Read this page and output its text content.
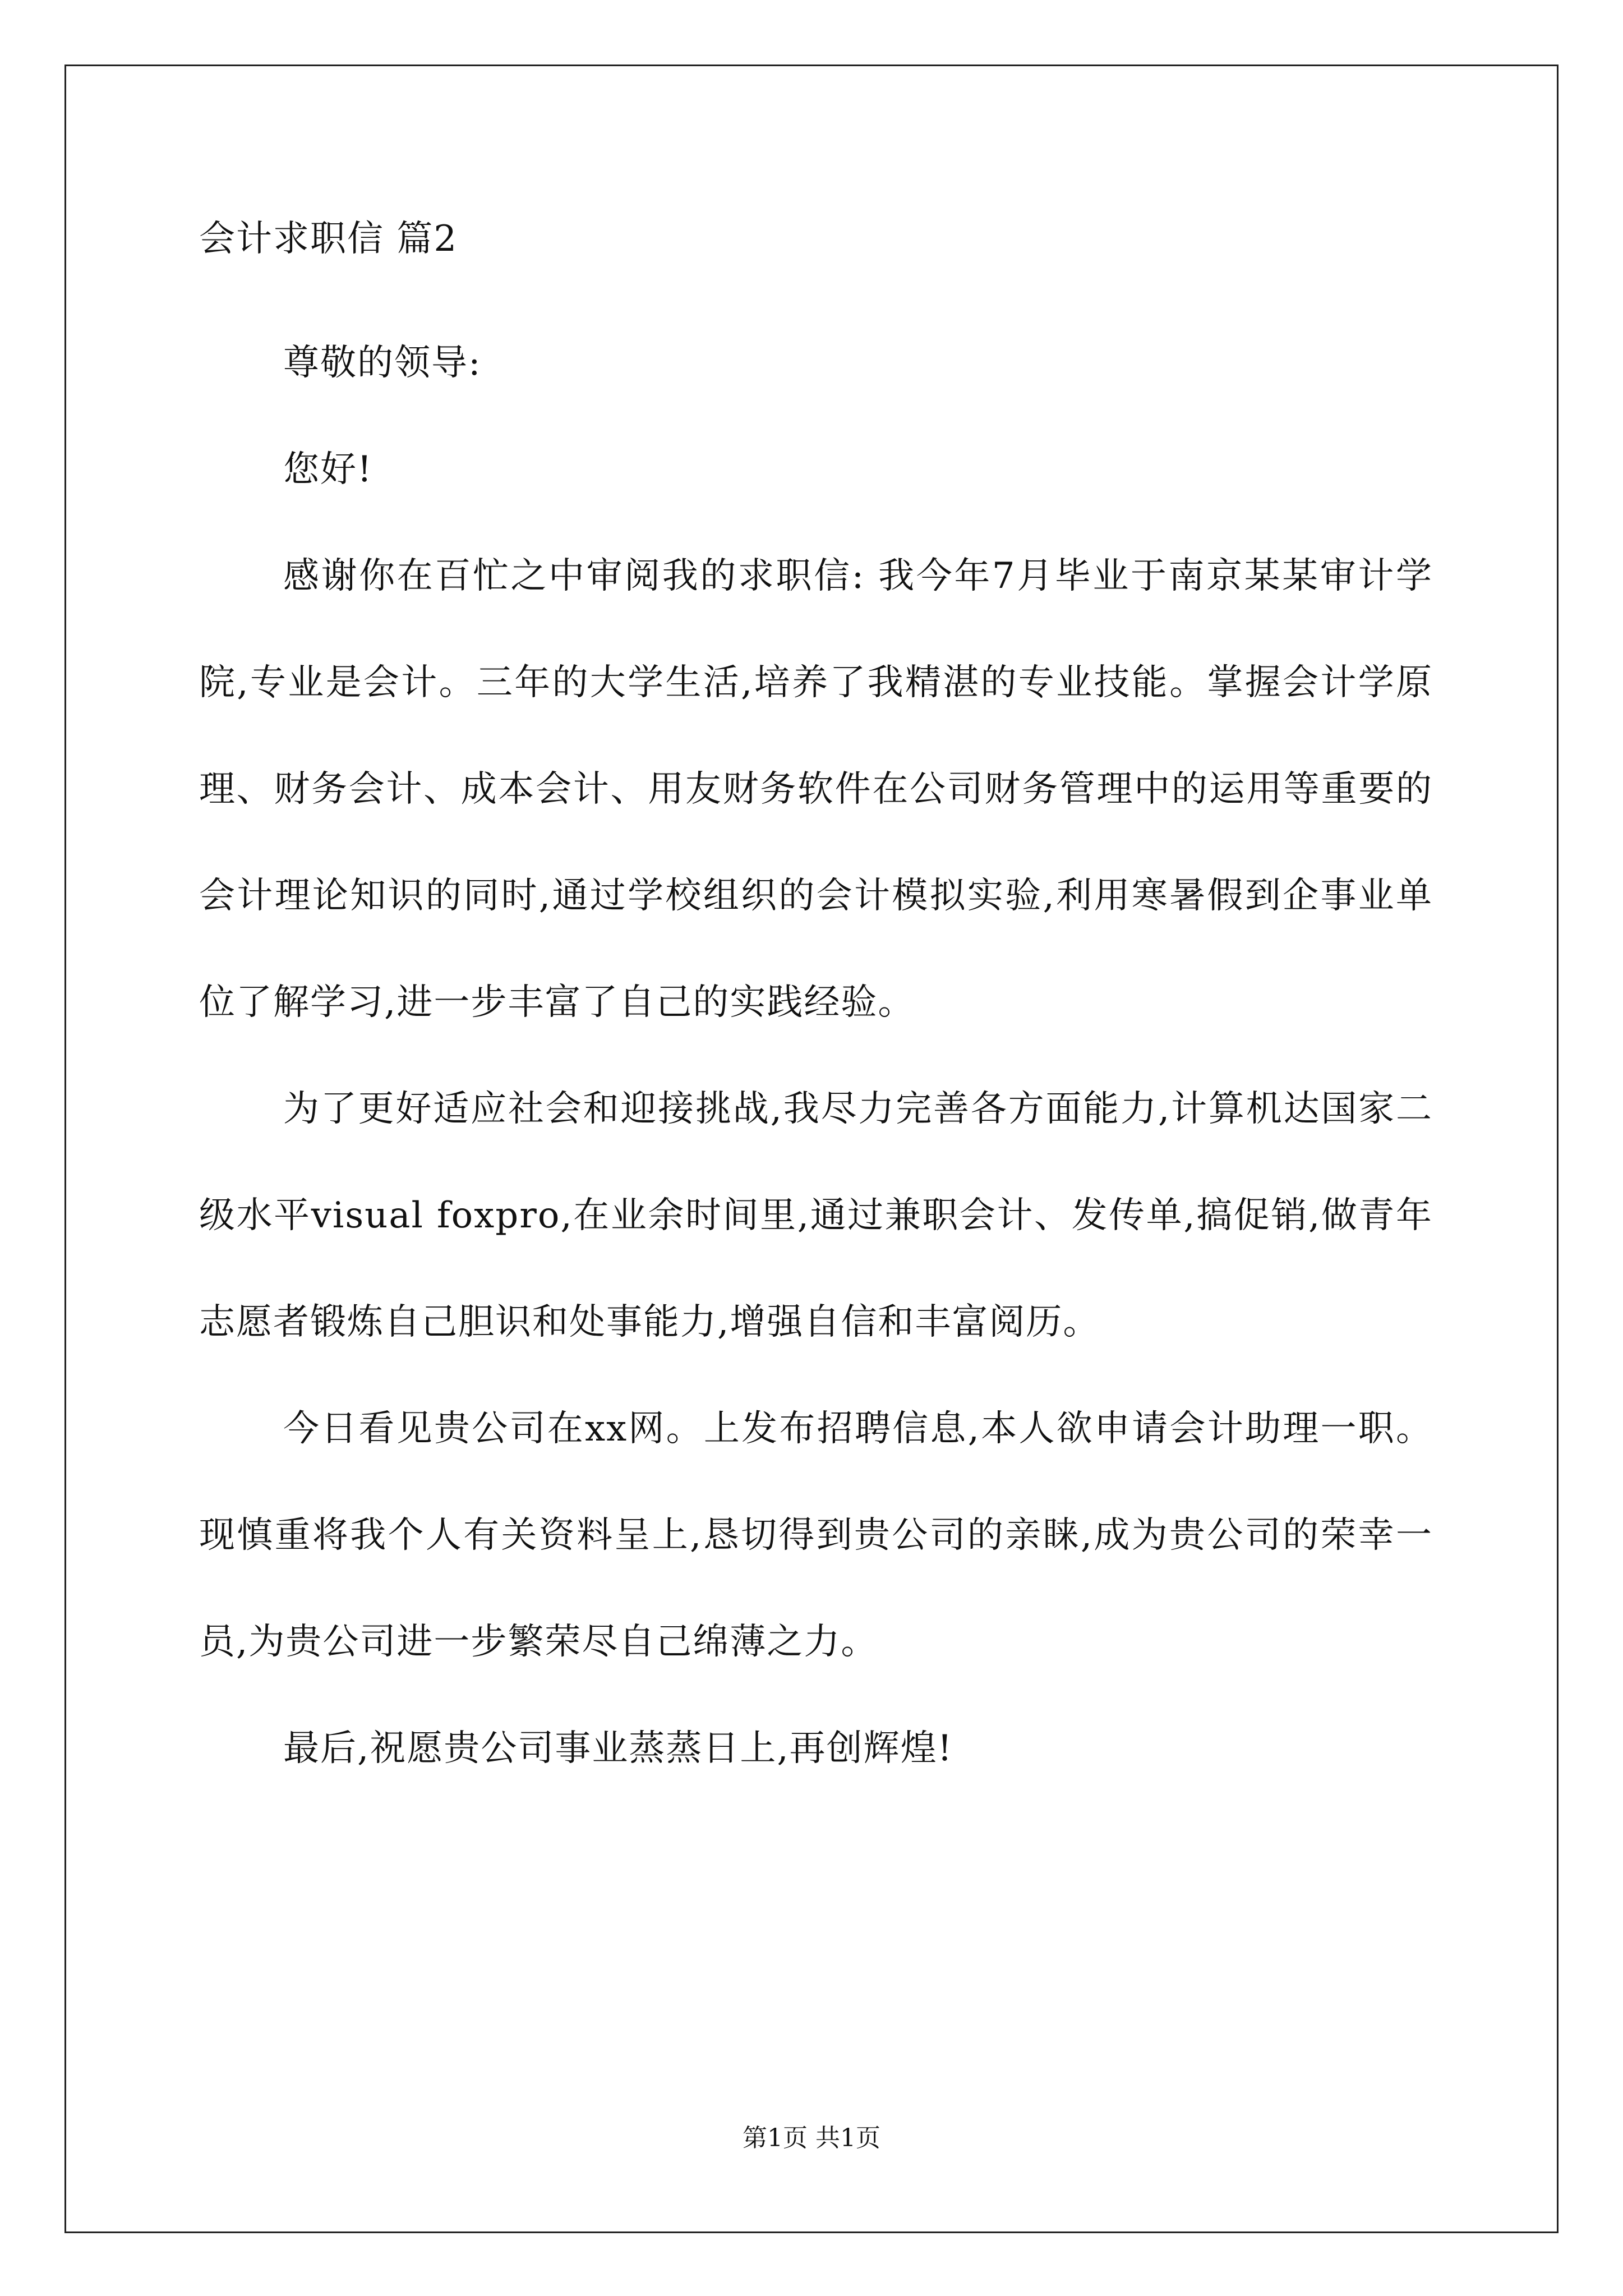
会计求职信 篇2

尊敬的领导:

您好!

感谢你在百忙之中审阅我的求职信: 我今年7月毕业于南京某某审计学院,专业是会计。三年的大学生活,培养了我精湛的专业技能。掌握会计学原理、财务会计、成本会计、用友财务软件在公司财务管理中的运用等重要的会计理论知识的同时,通过学校组织的会计模拟实验,利用寒暑假到企事业单位了解学习,进一步丰富了自己的实践经验。

为了更好适应社会和迎接挑战,我尽力完善各方面能力,计算机达国家二级水平visual foxpro,在业余时间里,通过兼职会计、发传单,搞促销,做青年志愿者锻炼自己胆识和处事能力,增强自信和丰富阅历。

今日看见贵公司在xx网。上发布招聘信息,本人欲申请会计助理一职。现慎重将我个人有关资料呈上,恳切得到贵公司的亲睐,成为贵公司的荣幸一员,为贵公司进一步繁荣尽自己绵薄之力。

最后,祝愿贵公司事业蒸蒸日上,再创辉煌!

第1页 共1页
